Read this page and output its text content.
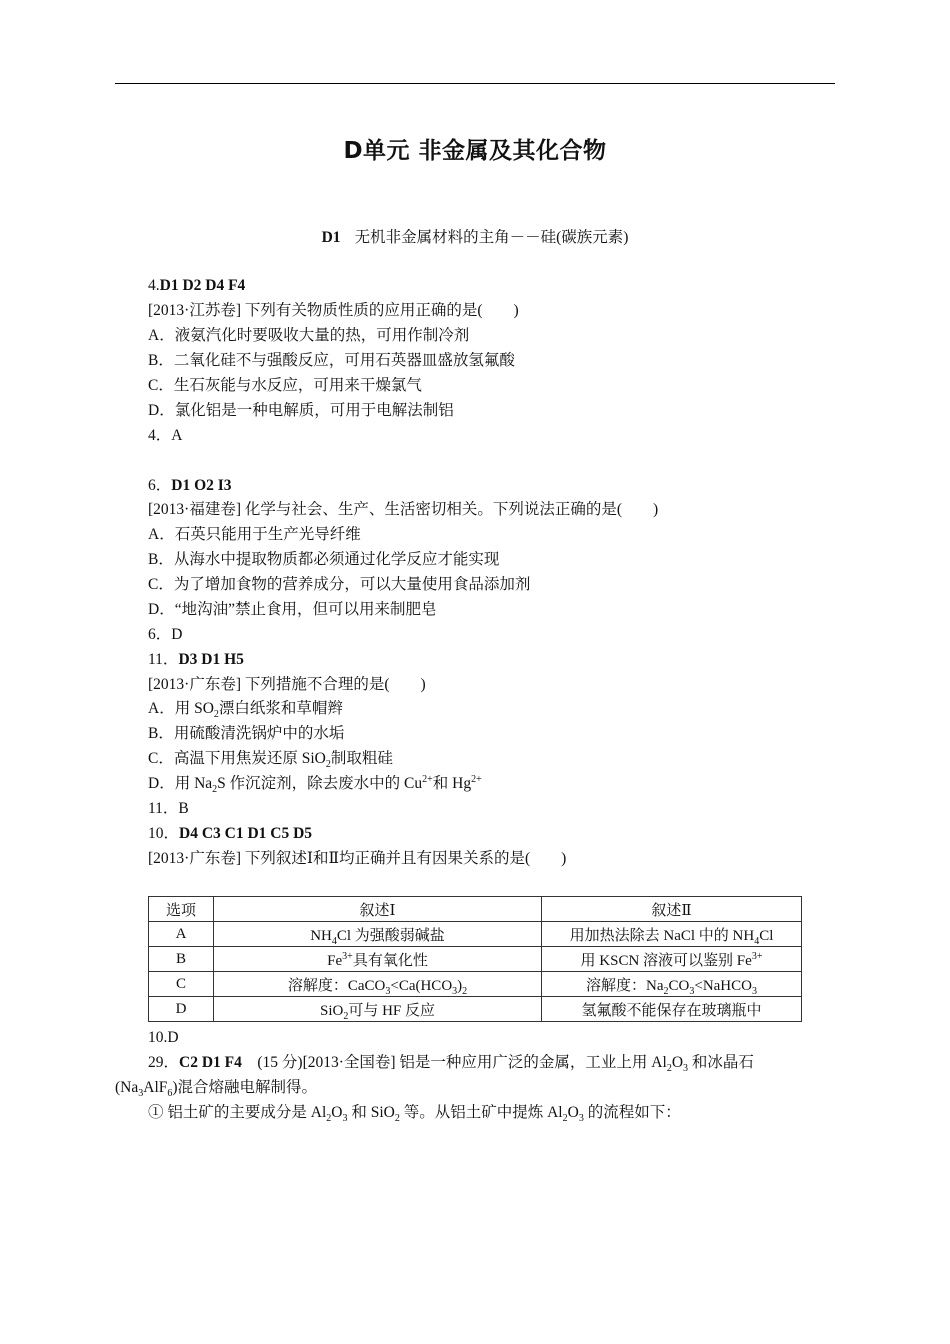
D单元 非金属及其化合物
D1 无机非金属材料的主角－－硅(碳族元素)
4.D1 D2 D4 F4
[2013·江苏卷] 下列有关物质性质的应用正确的是(　　)
A．液氨汽化时要吸收大量的热，可用作制冷剂
B．二氧化硅不与强酸反应，可用石英器皿盛放氢氟酸
C．生石灰能与水反应，可用来干燥氯气
D．氯化铝是一种电解质，可用于电解法制铝
4．A
6．D1 O2 I3
[2013·福建卷] 化学与社会、生产、生活密切相关。下列说法正确的是(　　)
A．石英只能用于生产光导纤维
B．从海水中提取物质都必须通过化学反应才能实现
C．为了增加食物的营养成分，可以大量使用食品添加剂
D．“地沟油”禁止食用，但可以用来制肥皂
6．D
11．D3 D1 H5
[2013·广东卷] 下列措施不合理的是(　　)
A．用 $SO_2$漂白纸浆和草帽辫
B．用硫酸清洗锅炉中的水垢
C．高温下用焦炭还原 SiO$_2$制取粗硅
D．用 $Na_2S$ 作沉淀剂，除去废水中的 $Cu^{2+}$和 $Hg^{2+}$
11．B
10．D4 C3 C1 D1 C5 D5
[2013·广东卷] 下列叙述Ⅰ和Ⅱ均正确并且有因果关系的是(　　)
选项	叙述Ⅰ	叙述Ⅱ
A	$NH_4Cl$ 为强酸弱碱盐	用加热法除去 NaCl 中的 $NH_4Cl$
B	$Fe^{3+}$具有氧化性	用 KSCN 溶液可以鉴别 $Fe^{3+}$
C	溶解度：$CaCO_3<Ca(HCO_3)_2$	溶解度：$Na_2CO_3<NaHCO_3$
D	SiO$_2$可与 HF 反应	氢氟酸不能保存在玻璃瓶中
10.D
29．C2 D1 F4　(15 分)[2013·全国卷] 铝是一种应用广泛的金属，工业上用 $Al_2O_3$ 和冰晶石
$(Na_3AlF_6)$混合熔融电解制得。
① 铝土矿的主要成分是 $Al_2O_3$ 和 SiO$_2$ 等。从铝土矿中提炼 $Al_2O_3$ 的流程如下：
